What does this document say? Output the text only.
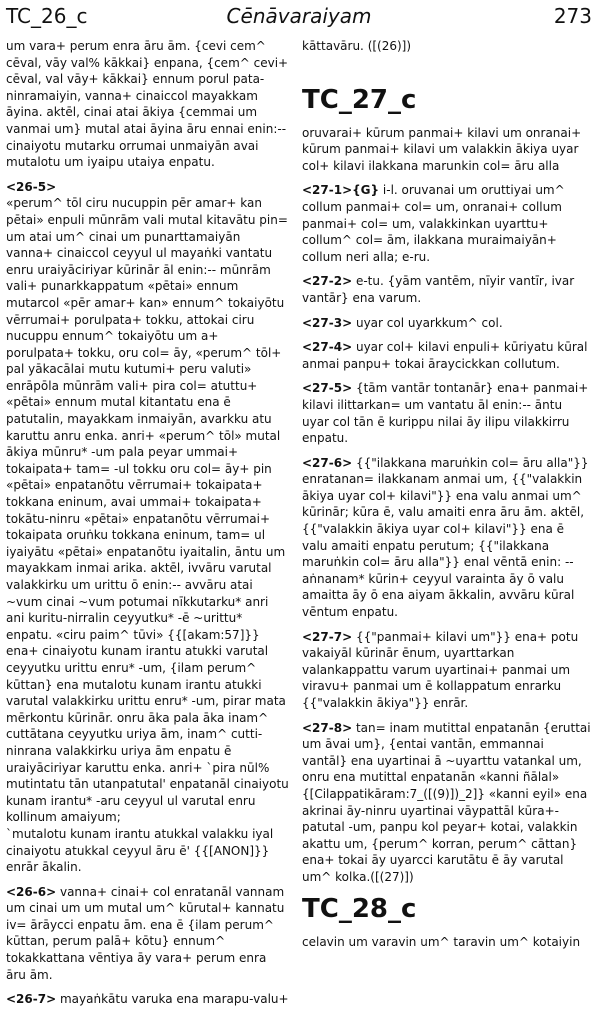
TC_26_c	Cēnāvaraiyam	273

um vara+ perum enra āru ām. {cevi cem^ cēval, vāy val% kākkai} enpana, {cem^ cevi+ cēval, val vāy+ kākkai} ennum porul pata-ninramaiyin, vanna+ cinaiccol mayakkam āyina. aktēl, cinai atai ākiya {cemmai um vanmai um} mutal atai āyina āru ennai enin:-- cinaiyotu mutarku orrumai unmaiyān avai mutalotu um iyaipu utaiya enpatu.

<26-5>
«perum^ tōl ciru nucuppin pēr amar+ kan pētai» enpuli mūnrām vali mutal kitavātu pin= um atai um^ cinai um punarttamaiyān vanna+ cinaiccol ceyyul ul mayaṅki vantatu enru uraiyāciriyar kūrinār āl enin:-- mūnrām vali+ punarkkappatum «pētai» ennum mutarcol «pēr amar+ kan» ennum^ tokaiyōtu vērrumai+ porulpata+ tokku, attokai ciru nucuppu ennum^ tokaiyōtu um a+ porulpata+ tokku, oru col= āy, «perum^ tōl+ pal yākacālai mutu kutumi+ peru valuti» enrāpōla mūnrām vali+ pira col= atuttu+ «pētai» ennum mutal kitantatu ena ē patutalin, mayakkam inmaiyān, avarkku atu karuttu anru enka. anri+ «perum^ tōl» mutal ākiya mūnru* -um pala peyar ummai+ tokaipata+ tam= -ul tokku oru col= āy+ pin «pētai» enpatanōtu vērrumai+ tokaipata+ tokkana eninum, avai ummai+ tokaipata+ tokātu-ninru «pētai» enpatanōtu vērrumai+ tokaipata oruṅku tokkana eninum, tam= ul iyaiyātu «pētai» enpatanōtu iyaitalin, āntu um mayakkam inmai arika. aktēl, ivvāru varutal valakkirku um urittu ō enin:-- avvāru atai ~vum cinai ~vum potumai nīkkutarku* anri ani kuritu-nirralin ceyyutku* -ē ~urittu* enpatu. «ciru paim^ tūvi» {{[akam:57]}} ena+ cinaiyotu kunam irantu atukki varutal ceyyutku urittu enru* -um, {ilam perum^ kūttan} ena mutalotu kunam irantu atukki varutal valakkirku urittu enru* -um, pirar mata mērkontu kūrinār. onru āka pala āka inam^ cuttātana ceyyutku uriya ām, inam^ cutti-ninrana valakkirku uriya ām enpatu ē uraiyāciriyar karuttu enka. anri+ `pira nūl% mutintatu tān utanpatutal' enpatanāl cinaiyotu kunam irantu* -aru ceyyul ul varutal enru kollinum amaiyum;
`mutalotu kunam irantu atukkal valakku iyal cinaiyotu atukkal ceyyul āru ē' {{[ANON]}} enrār ākalin.

<26-6> vanna+ cinai+ col enratanāl vannam um cinai um um mutal um^ kūrutal+ kannatu iv= ārāycci enpatu ām. ena ē {ilam perum^ kūttan, perum palā+ kōtu} ennum^ tokakkattana vēntiya āy vara+ perum enra āru ām.

<26-7> mayaṅkātu varuka ena marapu-valu+

kāttavāru. ([(26)])

TC_27_c

oruvarai+ kūrum panmai+ kilavi um onranai+ kūrum panmai+ kilavi um valakkin ākiya uyar col+ kilavi ilakkana marunkin col= āru alla

<27-1>{G} i-l. oruvanai um oruttiyai um^ collum panmai+ col= um, onranai+ collum panmai+ col= um, valakkinkan uyarttu+ collum^ col= ām, ilakkana muraimaiyān+ collum neri alla; e-ru.

<27-2> e-tu. {yām vantēm, nīyir vantīr, ivar vantār} ena varum.

<27-3> uyar col uyarkkum^ col.

<27-4> uyar col+ kilavi enpuli+ kūriyatu kūral anmai panpu+ tokai āraycickkan collutum.

<27-5> {tām vantār tontanār} ena+ panmai+ kilavi ilittarkan= um vantatu āl enin:-- āntu uyar col tān ē kurippu nilai āy ilipu vilakkirru enpatu.

<27-6> {{"ilakkana maruṅkin col= āru alla"}} enratanan= ilakkanam anmai um, {{"valakkin ākiya uyar col+ kilavi"}} ena valu anmai um^ kūrinār; kūra ē, valu amaiti enra āru ām. aktēl, {{"valakkin ākiya uyar col+ kilavi"}} ena ē valu amaiti enpatu perutum; {{"ilakkana maruṅkin col= āru alla"}} enal vēntā enin: -- aṅnanam* kūrin+ ceyyul varainta āy ō valu amaitta āy ō ena aiyam ākkalin, avvāru kūral vēntum enpatu.

<27-7> {{"panmai+ kilavi um"}} ena+ potu vakaiyāl kūrinār ēnum, uyarttarkan valankappattu varum uyartinai+ panmai um viravu+ panmai um ē kollappatum enrarku {{"valakkin ākiya"}} enrār.

<27-8> tan= inam mutittal enpatanān {eruttai um āvai um}, {entai vantān, emmannai vantāl} ena uyartinai ā ~uyarttu vatankal um, onru ena mutittal enpatanān «kanni ñālal» {[Cilappatikāram:7_([(9)])_2]} «kanni eyil» ena akrinai āy-ninru uyartinai vāypattāl kūra+-patutal -um, panpu kol peyar+ kotai, valakkin akattu um, {perum^ korran, perum^ cāttan} ena+ tokai āy uyarcci karutātu ē āy varutal um^ kolka.([(27)])

TC_28_c

celavin um varavin um^ taravin um^ kotaiyin
